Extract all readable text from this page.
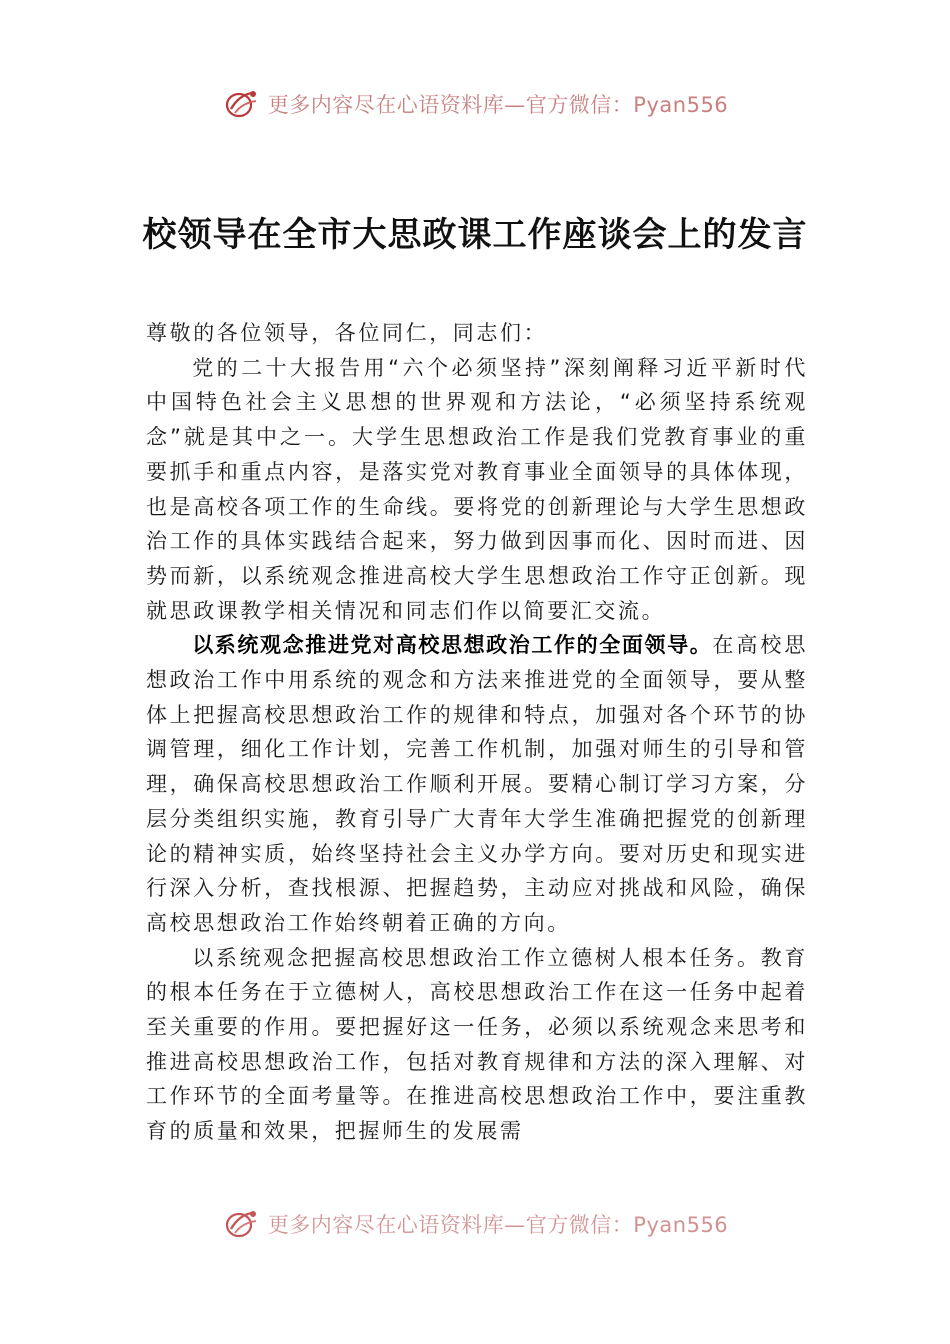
更多内容尽在心语资料库—官方微信：Pyan556
校领导在全市大思政课工作座谈会上的发言

尊敬的各位领导，各位同仁，同志们：

党的二十大报告用“六个必须坚持”深刻阐释习近平新时代中国特色社会主义思想的世界观和方法论，“必须坚持系统观念”就是其中之一。大学生思想政治工作是我们党教育事业的重要抓手和重点内容，是落实党对教育事业全面领导的具体体现，也是高校各项工作的生命线。要将党的创新理论与大学生思想政治工作的具体实践结合起来，努力做到因事而化、因时而进、因势而新，以系统观念推进高校大学生思想政治工作守正创新。现就思政课教学相关情况和同志们作以简要汇交流。

以系统观念推进党对高校思想政治工作的全面领导。在高校思想政治工作中用系统的观念和方法来推进党的全面领导，要从整体上把握高校思想政治工作的规律和特点，加强对各个环节的协调管理，细化工作计划，完善工作机制，加强对师生的引导和管理，确保高校思想政治工作顺利开展。要精心制订学习方案，分层分类组织实施，教育引导广大青年大学生准确把握党的创新理论的精神实质，始终坚持社会主义办学方向。要对历史和现实进行深入分析，查找根源、把握趋势，主动应对挑战和风险，确保高校思想政治工作始终朝着正确的方向。

以系统观念把握高校思想政治工作立德树人根本任务。教育的根本任务在于立德树人，高校思想政治工作在这一任务中起着至关重要的作用。要把握好这一任务，必须以系统观念来思考和推进高校思想政治工作，包括对教育规律和方法的深入理解、对工作环节的全面考量等。在推进高校思想政治工作中，要注重教育的质量和效果，把握师生的发展需

更多内容尽在心语资料库—官方微信：Pyan556
